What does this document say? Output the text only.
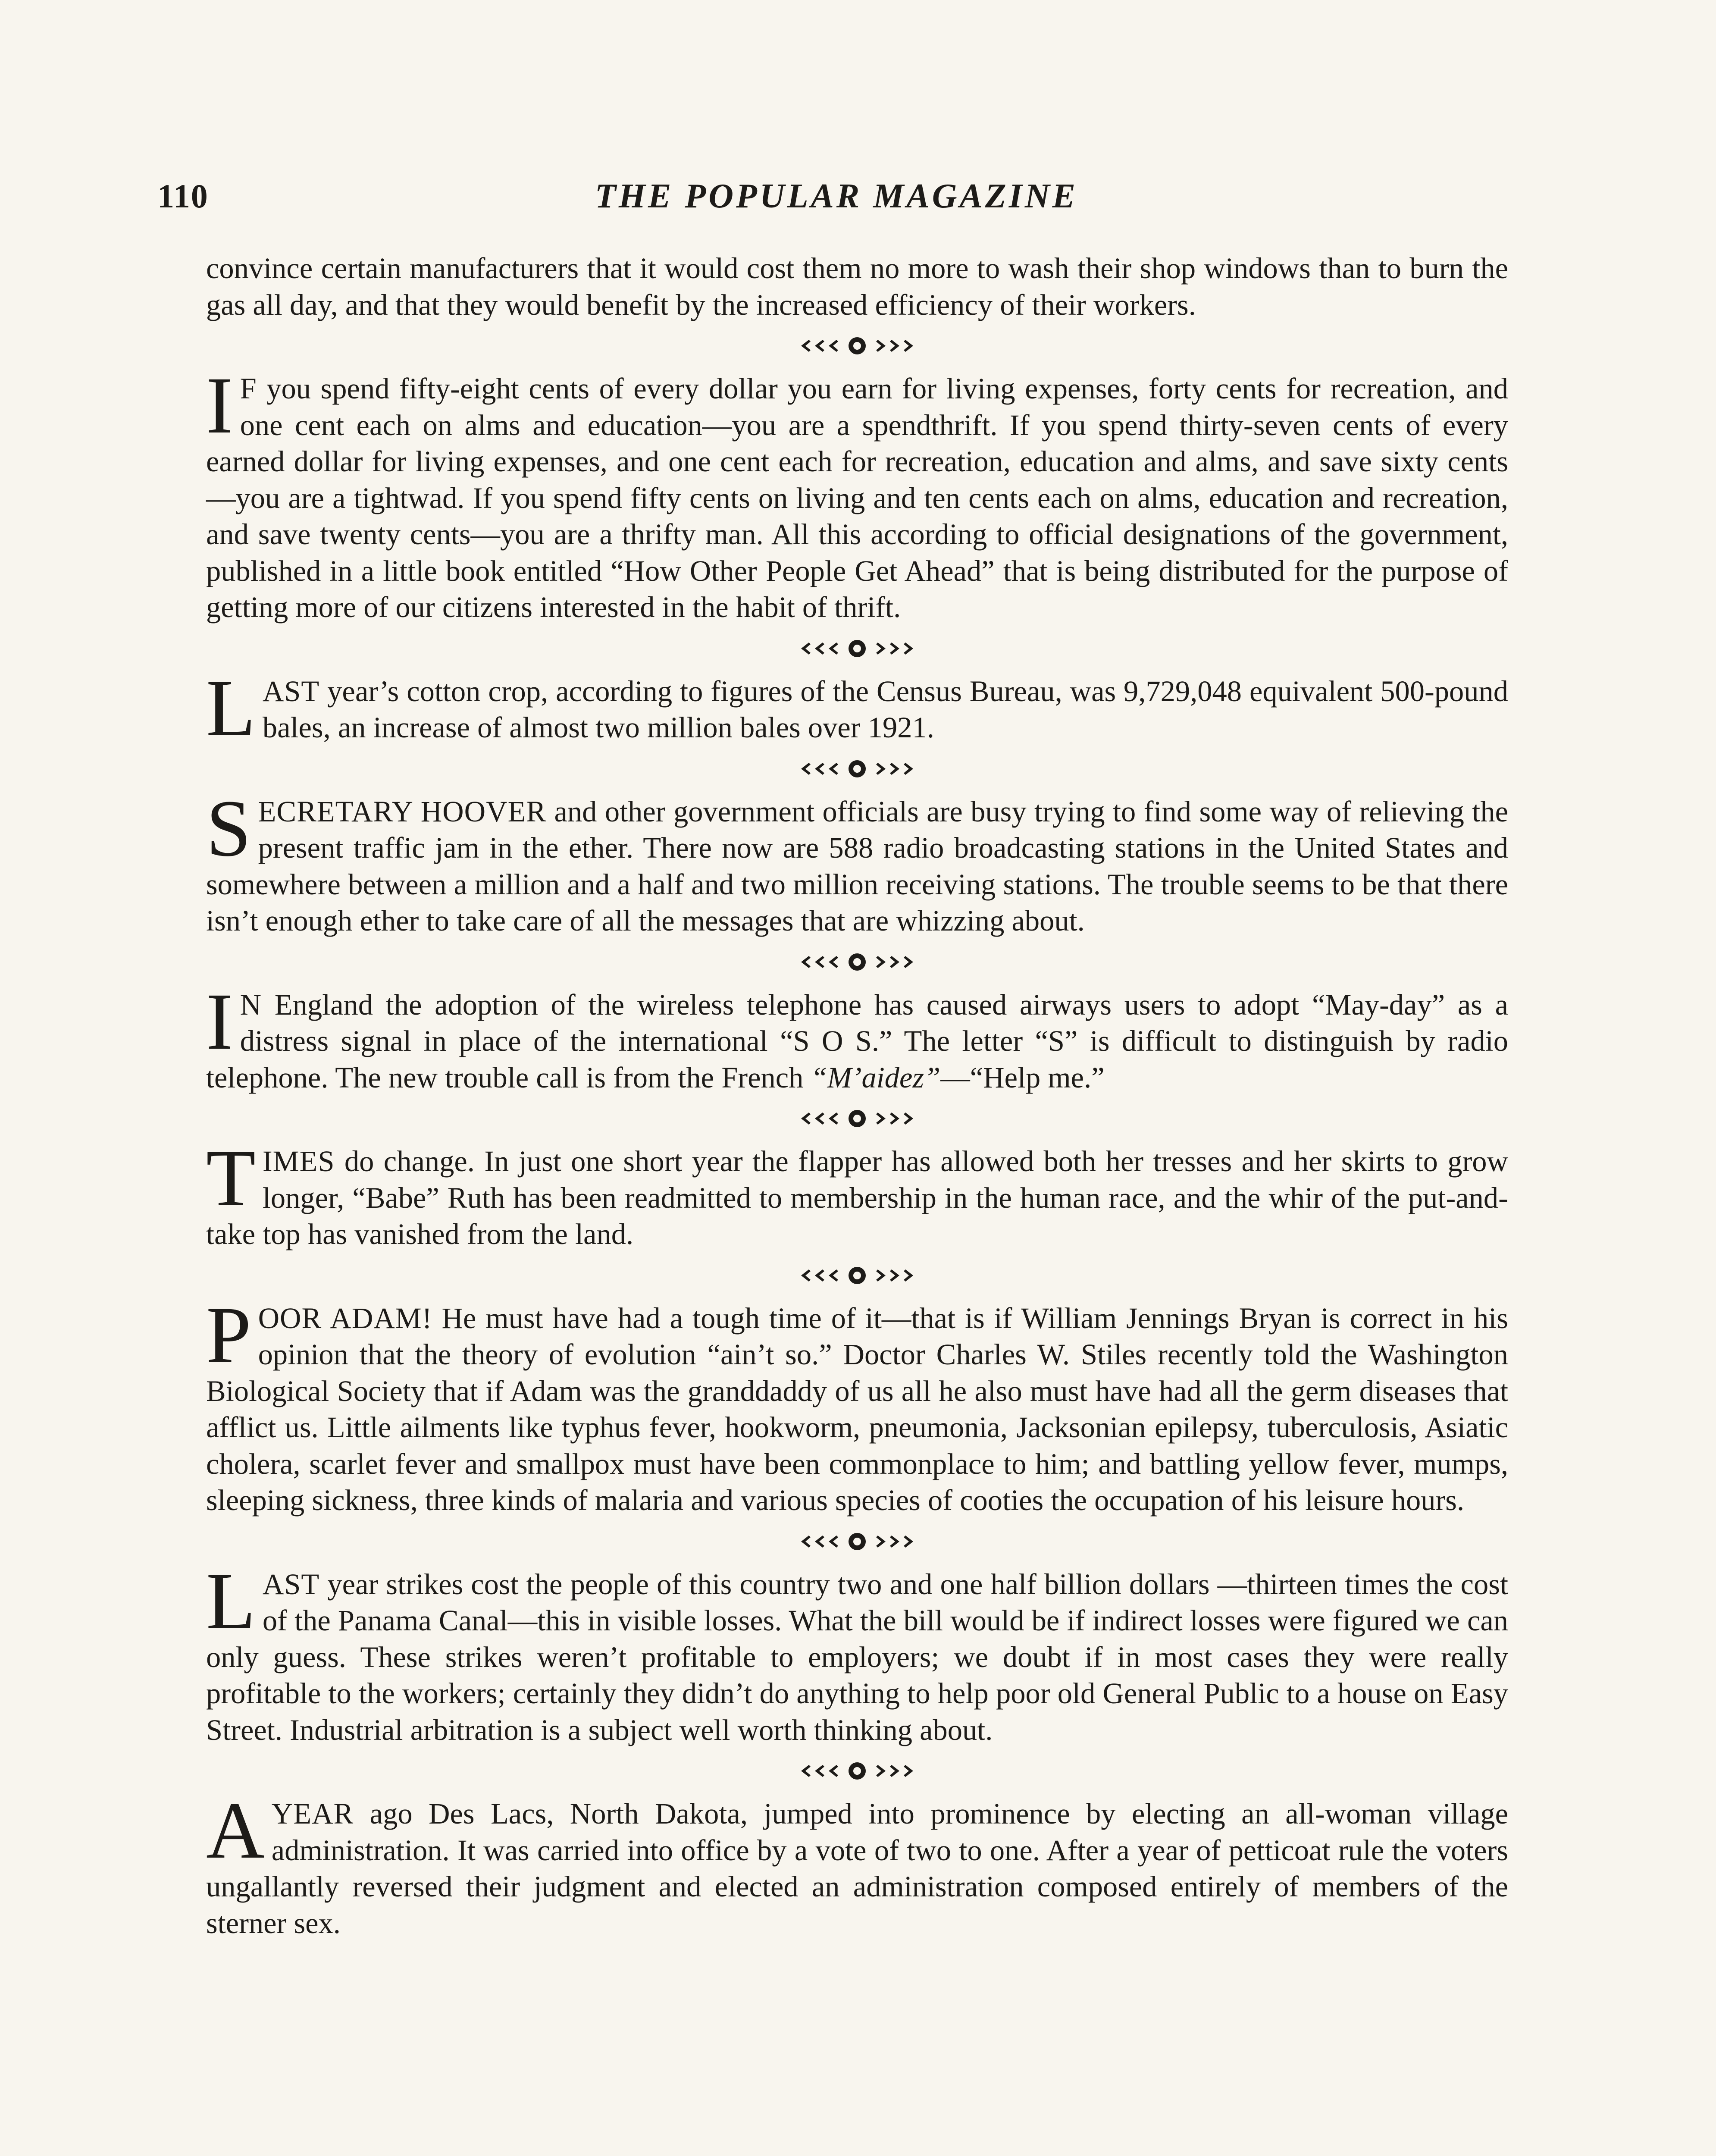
110	THE POPULAR MAGAZINE

convince certain manufacturers that it would cost them no more to wash their shop windows than to burn the gas all day, and that they would benefit by the increased efficiency of their workers.

I F you spend fifty-eight cents of every dollar you earn for living expenses, forty cents for recreation, and one cent each on alms and education—you are a spendthrift. If you spend thirty-seven cents of every earned dollar for living expenses, and one cent each for recreation, education and alms, and save sixty cents—you are a tightwad. If you spend fifty cents on living and ten cents each on alms, education and recreation, and save twenty cents—you are a thrifty man. All this according to official designations of the government, published in a little book entitled “How Other People Get Ahead” that is being distributed for the purpose of getting more of our citizens interested in the habit of thrift.

LAST year’s cotton crop, according to figures of the Census Bureau, was 9,729,048 equivalent 500-pound bales, an increase of almost two million bales over 1921.

SECRETARY HOOVER and other government officials are busy trying to find some way of relieving the present traffic jam in the ether. There now are 588 radio broadcasting stations in the United States and somewhere between a million and a half and two million receiving stations. The trouble seems to be that there isn’t enough ether to take care of all the messages that are whizzing about.

I N England the adoption of the wireless telephone has caused airways users to adopt “May-day” as a distress signal in place of the international “S O S.” The letter “S” is difficult to distinguish by radio telephone. The new trouble call is from the French “M’aidez”—“Help me.”

TIMES do change. In just one short year the flapper has allowed both her tresses and her skirts to grow longer, “Babe” Ruth has been readmitted to membership in the human race, and the whir of the put-and-take top has vanished from the land.

POOR ADAM! He must have had a tough time of it—that is if William Jennings Bryan is correct in his opinion that the theory of evolution “ain’t so.” Doctor Charles W. Stiles recently told the Washington Biological Society that if Adam was the granddaddy of us all he also must have had all the germ diseases that afflict us. Little ailments like typhus fever, hookworm, pneumonia, Jacksonian epilepsy, tuberculosis, Asiatic cholera, scarlet fever and smallpox must have been commonplace to him; and battling yellow fever, mumps, sleeping sickness, three kinds of malaria and various species of cooties the occupation of his leisure hours.

LAST year strikes cost the people of this country two and one half billion dollars —thirteen times the cost of the Panama Canal—this in visible losses. What the bill would be if indirect losses were figured we can only guess. These strikes weren’t profitable to employers; we doubt if in most cases they were really profitable to the workers; certainly they didn’t do anything to help poor old General Public to a house on Easy Street. Industrial arbitration is a subject well worth thinking about.

A YEAR ago Des Lacs, North Dakota, jumped into prominence by electing an all-woman village administration. It was carried into office by a vote of two to one. After a year of petticoat rule the voters ungallantly reversed their judgment and elected an administration composed entirely of members of the sterner sex.
